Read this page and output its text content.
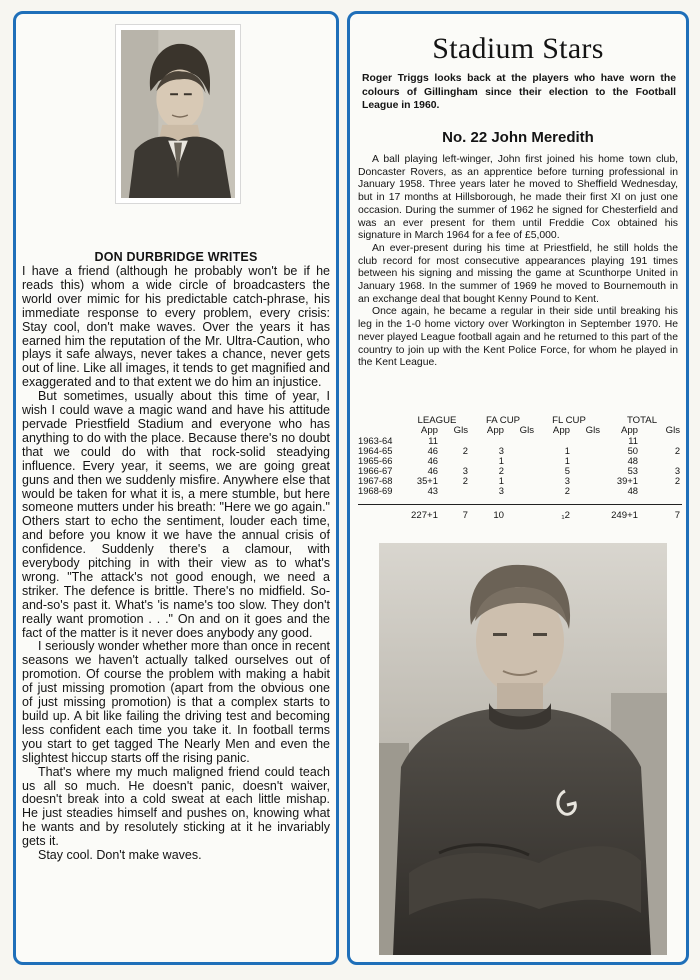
DON DURBRIDGE WRITES

I have a friend (although he probably won't be if he reads this) whom a wide circle of broadcasters the world over mimic for his predictable catch-phrase, his immediate response to every problem, every crisis: Stay cool, don't make waves. Over the years it has earned him the reputation of the Mr. Ultra-Caution, who plays it safe always, never takes a chance, never gets out of line. Like all images, it tends to get magnified and exaggerated and to that extent we do him an injustice.

But sometimes, usually about this time of year, I wish I could wave a magic wand and have his attitude pervade Priestfield Stadium and everyone who has anything to do with the place. Because there's no doubt that we could do with that rock-solid steadying influence. Every year, it seems, we are going great guns and then we suddenly misfire. Anywhere else that would be taken for what it is, a mere stumble, but here someone mutters under his breath: "Here we go again." Others start to echo the sentiment, louder each time, and before you know it we have the annual crisis of confidence. Suddenly there's a clamour, with everybody pitching in with their view as to what's wrong. "The attack's not good enough, we need a striker. The defence is brittle. There's no midfield. So-and-so's past it. What's 'is name's too slow. They don't really want promotion . . ." On and on it goes and the fact of the matter is it never does anybody any good.

I seriously wonder whether more than once in recent seasons we haven't actually talked ourselves out of promotion. Of course the problem with making a habit of just missing promotion (apart from the obvious one of just missing promotion) is that a complex starts to build up. A bit like failing the driving test and becoming less confident each time you take it. In football terms you start to get tagged The Nearly Men and even the slightest hiccup starts off the rising panic.

That's where my much maligned friend could teach us all so much. He doesn't panic, doesn't waiver, doesn't break into a cold sweat at each little mishap. He just steadies himself and pushes on, knowing what he wants and by resolutely sticking at it he invariably gets it.

Stay cool. Don't make waves.

Stadium Stars
Roger Triggs looks back at the players who have worn the colours of Gillingham since their election to the Football League in 1960.
No. 22 John Meredith

A ball playing left-winger, John first joined his home town club, Doncaster Rovers, as an apprentice before turning professional in January 1958. Three years later he moved to Sheffield Wednesday, but in 17 months at Hillsborough, he made their first XI on just one occasion. During the summer of 1962 he signed for Chesterfield and was an ever present for them until Freddie Cox obtained his signature in March 1964 for a fee of £5,000.

An ever-present during his time at Priestfield, he still holds the club record for most consecutive appearances playing 191 times between his signing and missing the game at Scunthorpe United in January 1968. In the summer of 1969 he moved to Bournemouth in an exchange deal that bought Kenny Pound to Kent.

Once again, he became a regular in their side until breaking his leg in the 1-0 home victory over Workington in September 1970. He never played League football again and he returned to this part of the country to join up with the Kent Police Force, for whom he played in the Kent League.

	LEAGUE		FA CUP		FL CUP		TOTAL	
	App	Gls	App	Gls	App	Gls	App	Gls
1963-64	11						11	
1964-65	46	2	3		1		50	2
1965-66	46		1		1		48	
1966-67	46	3	2		5		53	3
1967-68	35+1	2	1		3		39+1	2
1968-69	43		3		2		48	

	227+1	7	10		₁2		249+1	7
